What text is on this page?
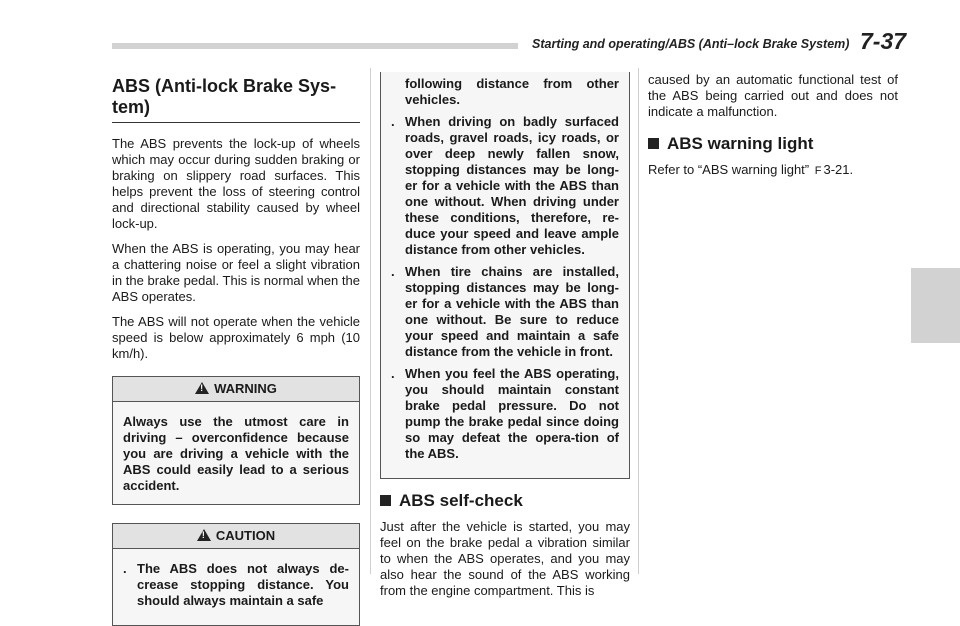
Starting and operating/ABS (Anti–lock Brake System) 7-37
ABS (Anti-lock Brake Sys-tem)

The ABS prevents the lock-up of wheels which may occur during sudden braking or braking on slippery road surfaces. This helps prevent the loss of steering control and directional stability caused by wheel lock-up.

When the ABS is operating, you may hear a chattering noise or feel a slight vibration in the brake pedal. This is normal when the ABS operates.

The ABS will not operate when the vehicle speed is below approximately 6 mph (10 km/h).

!WARNING
Always use the utmost care in driving – overconfidence because you are driving a vehicle with the ABS could easily lead to a serious accident.
!CAUTION
. The ABS does not always de-crease stopping distance. You should always maintain a safe
following distance from other vehicles.
. When driving on badly surfaced roads, gravel roads, icy roads, or over deep newly fallen snow, stopping distances may be long-er for a vehicle with the ABS than one without. When driving under these conditions, therefore, re-duce your speed and leave ample distance from other vehicles.
. When tire chains are installed, stopping distances may be long-er for a vehicle with the ABS than one without. Be sure to reduce your speed and maintain a safe distance from the vehicle in front.
. When you feel the ABS operating, you should maintain constant brake pedal pressure. Do not pump the brake pedal since doing so may defeat the opera-tion of the ABS.
ABS self-check

Just after the vehicle is started, you may feel on the brake pedal a vibration similar to when the ABS operates, and you may also hear the sound of the ABS working from the engine compartment. This is

caused by an automatic functional test of the ABS being carried out and does not indicate a malfunction.

ABS warning light

Refer to “ABS warning light” F 3-21.
